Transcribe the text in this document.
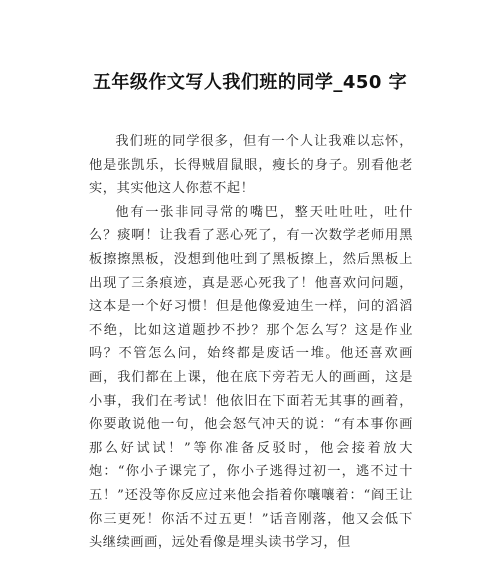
五年级作文写人我们班的同学_450 字

我们班的同学很多，但有一个人让我难以忘怀，他是张凯乐，长得贼眉鼠眼，瘦长的身子。别看他老实，其实他这人你惹不起！

他有一张非同寻常的嘴巴，整天吐吐吐，吐什么？痰啊！让我看了恶心死了，有一次数学老师用黑板擦擦黑板，没想到他吐到了黑板擦上，然后黑板上出现了三条痕迹，真是恶心死我了！他喜欢问问题，这本是一个好习惯！但是他像爱迪生一样，问的滔滔不绝，比如这道题抄不抄？那个怎么写？这是作业吗？不管怎么问，始终都是废话一堆。他还喜欢画画，我们都在上课，他在底下旁若无人的画画，这是小事，我们在考试！他依旧在下面若无其事的画着，你要敢说他一句，他会怒气冲天的说：“有本事你画那么好试试！”等你准备反驳时，他会接着放大炮：“你小子课完了，你小子逃得过初一，逃不过十五！”还没等你反应过来他会指着你嚷嚷着：“阎王让你三更死！你活不过五更！”话音刚落，他又会低下头继续画画，远处看像是埋头读书学习，但
